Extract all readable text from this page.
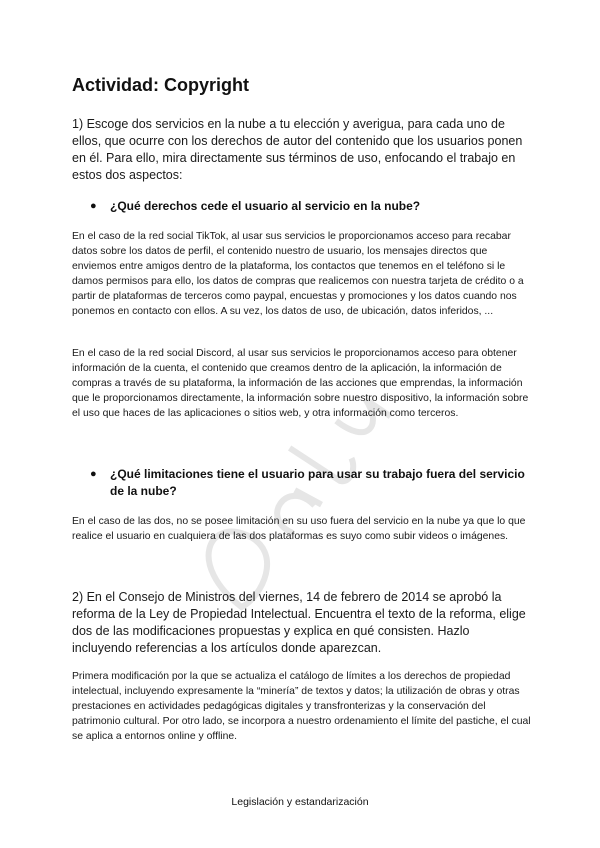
Actividad: Copyright

1) Escoge dos servicios en la nube a tu elección y averigua, para cada uno de ellos, que ocurre con los derechos de autor del contenido que los usuarios ponen en él. Para ello, mira directamente sus términos de uso, enfocando el trabajo en estos dos aspectos:

●	¿Qué derechos cede el usuario al servicio en la nube?

En el caso de la red social TikTok, al usar sus servicios le proporcionamos acceso para recabar datos sobre los datos de perfil, el contenido nuestro de usuario, los mensajes directos que enviemos entre amigos dentro de la plataforma, los contactos que tenemos en el teléfono si le damos permisos para ello, los datos de compras que realicemos con nuestra tarjeta de crédito o a partir de plataformas de terceros como paypal, encuestas y promociones y los datos cuando nos ponemos en contacto con ellos. A su vez, los datos de uso, de ubicación, datos inferidos, ...

En el caso de la red social Discord, al usar sus servicios le proporcionamos acceso para obtener información de la cuenta, el contenido que creamos dentro de la aplicación, la información de compras a través de su plataforma, la información de las acciones que emprendas, la información que le proporcionamos directamente, la información sobre nuestro dispositivo, la información sobre el uso que haces de las aplicaciones o sitios web, y otra información como terceros.

●	¿Qué limitaciones tiene el usuario para usar su trabajo fuera del servicio de la nube?

En el caso de las dos, no se posee limitación en su uso fuera del servicio en la nube ya que lo que realice el usuario en cualquiera de las dos plataformas es suyo como subir videos o imágenes.

2) En el Consejo de Ministros del viernes, 14 de febrero de 2014 se aprobó la reforma de la Ley de Propiedad Intelectual. Encuentra el texto de la reforma, elige dos de las modificaciones propuestas y explica en qué consisten. Hazlo incluyendo referencias a los artículos donde aparezcan.

Primera modificación por la que se actualiza el catálogo de límites a los derechos de propiedad intelectual, incluyendo expresamente la “minería” de textos y datos; la utilización de obras y otras prestaciones en actividades pedagógicas digitales y transfronterizas y la conservación del patrimonio cultural. Por otro lado, se incorpora a nuestro ordenamiento el límite del pastiche, el cual se aplica a entornos online y offline.

Legislación y estandarización
